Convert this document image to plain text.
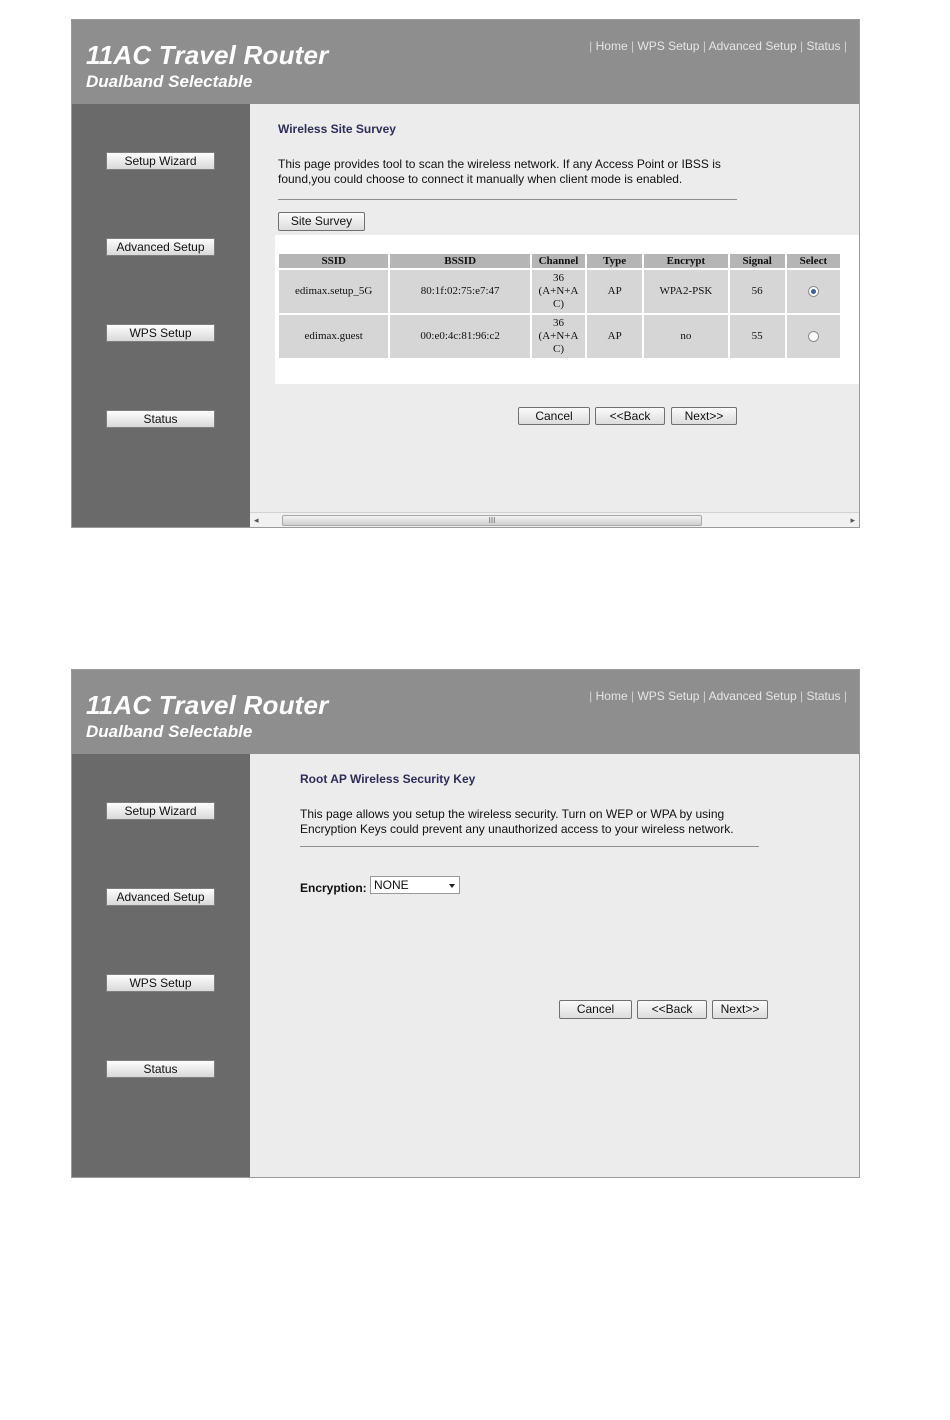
11AC Travel Router
Dualband Selectable
| Home | WPS Setup | Advanced Setup | Status |
Setup Wizard
Advanced Setup
WPS Setup
Status
Wireless Site Survey
This page provides tool to scan the wireless network. If any Access Point or IBSS is
found,you could choose to connect it manually when client mode is enabled.
Site Survey
SSID	BSSID	Channel	Type	Encrypt	Signal	Select
edimax.setup_5G	80:1f:02:75:e7:47	36
(A+N+A
C)	AP	WPA2-PSK	56	
edimax.guest	00:e0:4c:81:96:c2	36
(A+N+A
C)	AP	no	55	
Cancel	<<Back	Next>>
◂	III	▸
11AC Travel Router
Dualband Selectable
| Home | WPS Setup | Advanced Setup | Status |
Setup Wizard
Advanced Setup
WPS Setup
Status
Root AP Wireless Security Key
This page allows you setup the wireless security. Turn on WEP or WPA by using
Encryption Keys could prevent any unauthorized access to your wireless network.
Encryption: NONE
Cancel	<<Back	Next>>
